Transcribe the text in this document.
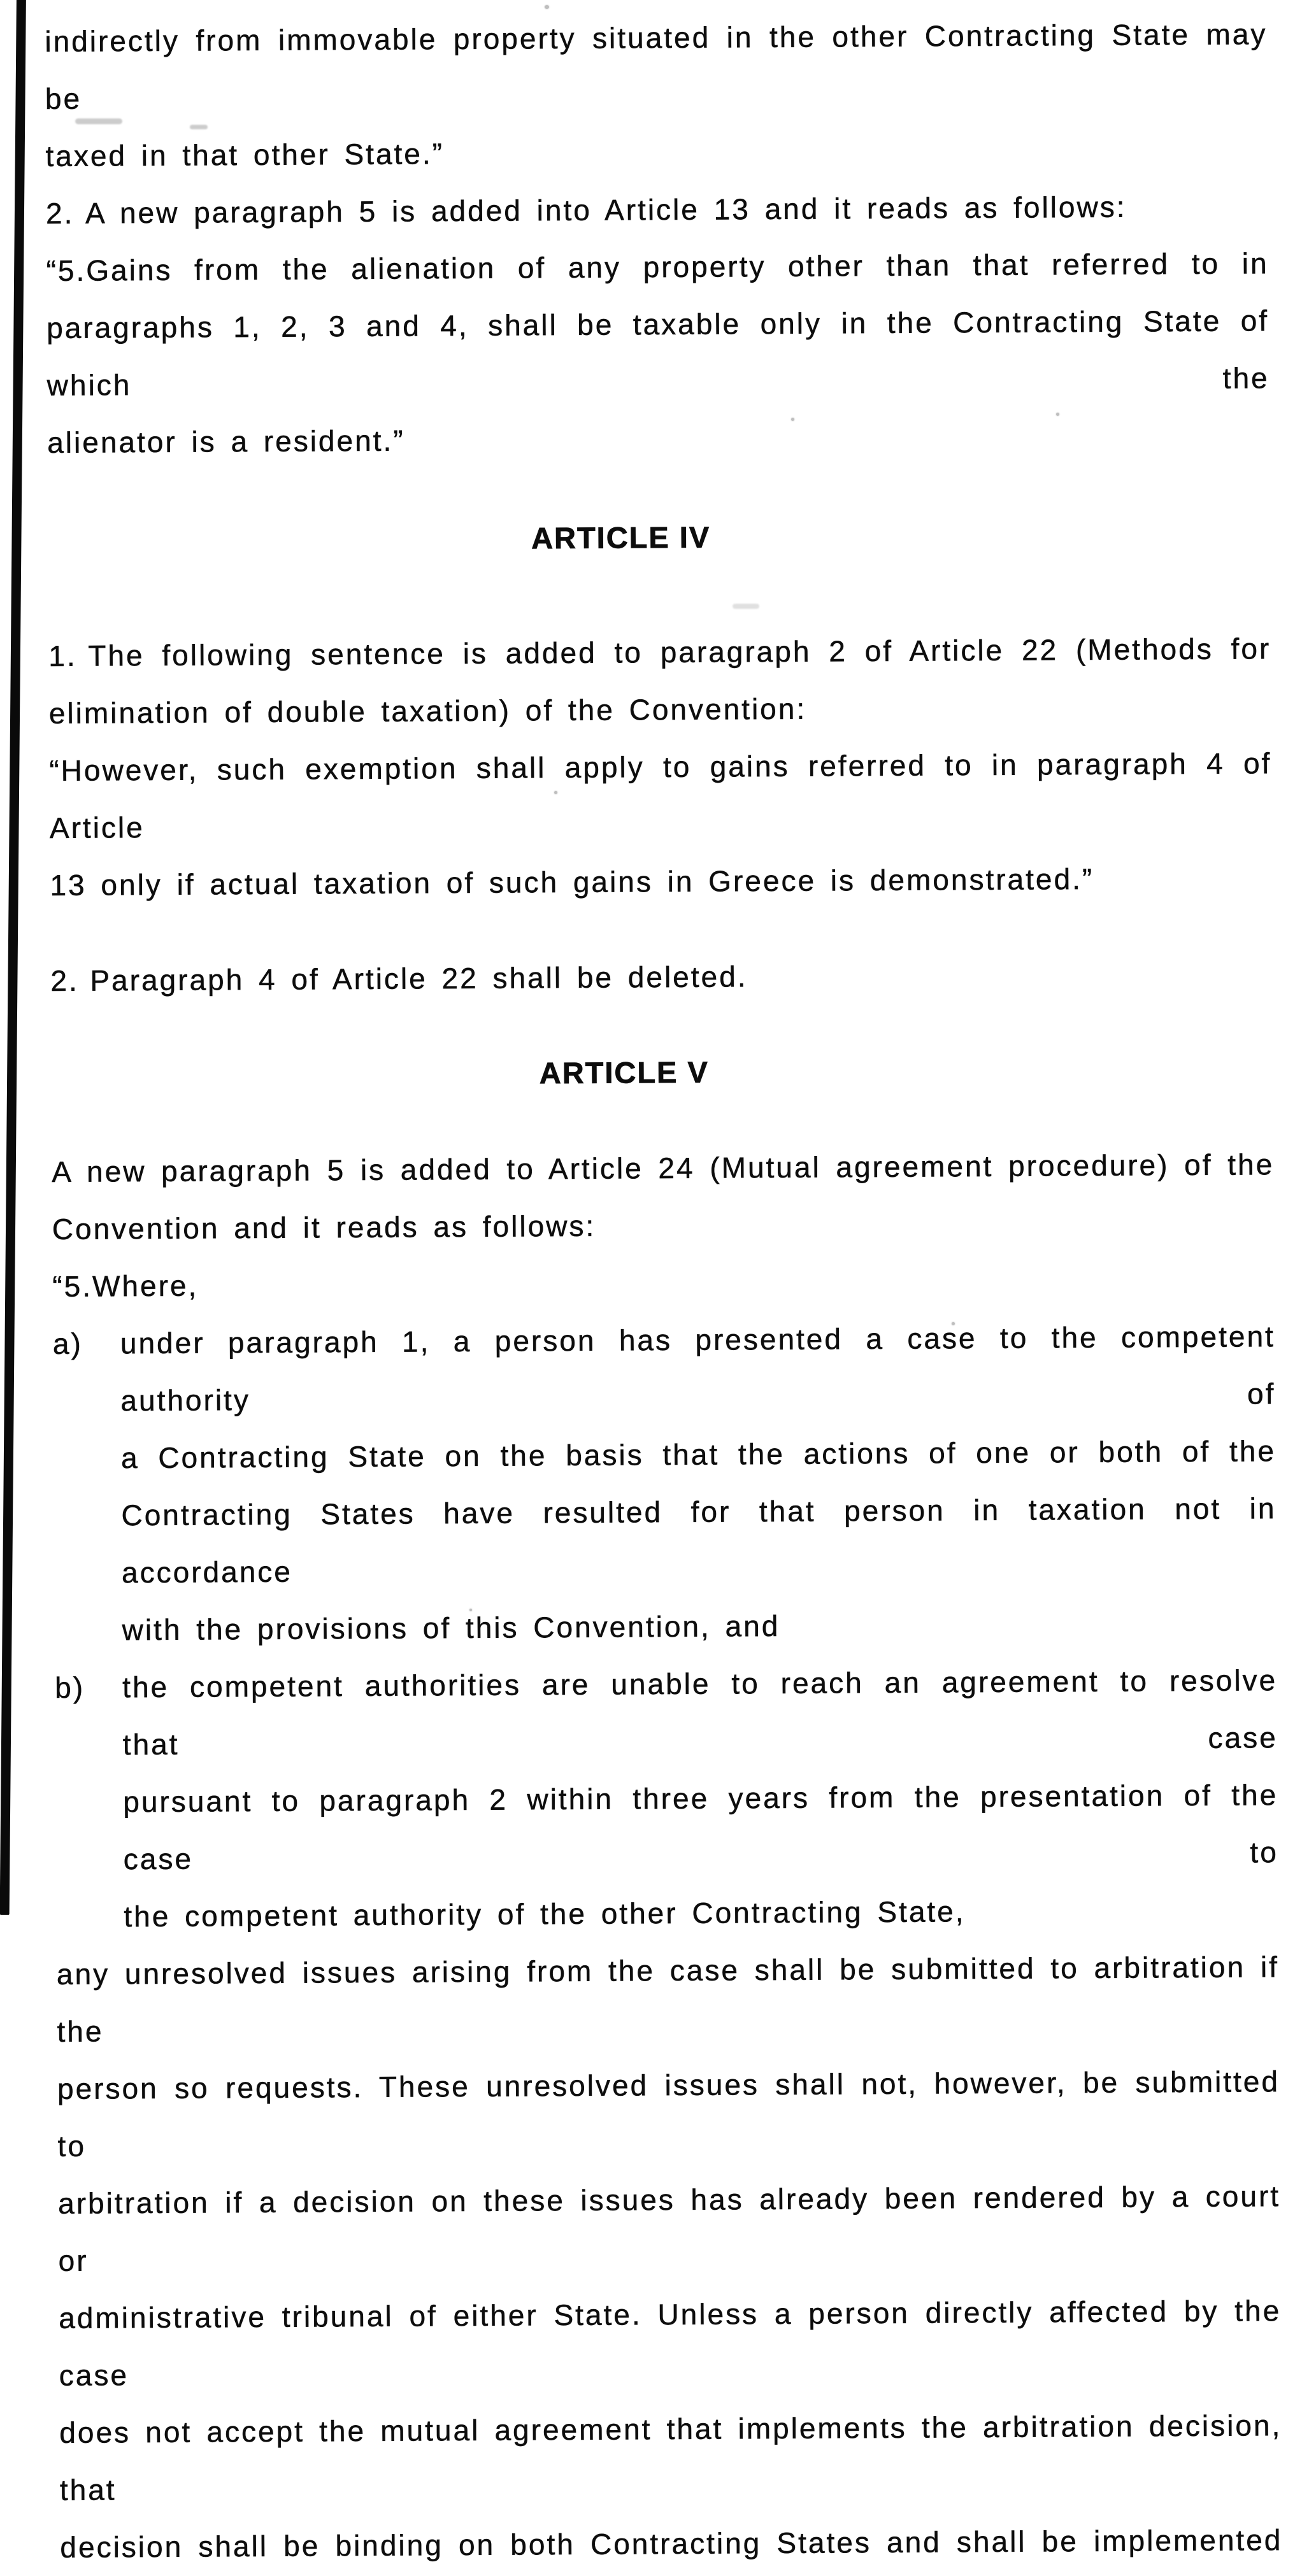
indirectly from immovable property situated in the other Contracting State may be
taxed in that other State.”
2. A new paragraph 5 is added into Article 13 and it reads as follows:
“5. Gains from the alienation of any property other than that referred to in
paragraphs 1, 2, 3 and 4, shall be taxable only in the Contracting State of which the
alienator is a resident.”
ARTICLE IV
1. The following sentence is added to paragraph 2 of Article 22 (Methods for
elimination of double taxation) of the Convention:
“However, such exemption shall apply to gains referred to in paragraph 4 of Article
13 only if actual taxation of such gains in Greece is demonstrated.”
2. Paragraph 4 of Article 22 shall be deleted.
ARTICLE V
A new paragraph 5 is added to Article 24 (Mutual agreement procedure) of the
Convention and it reads as follows:
“5. Where,
a)	under paragraph 1, a person has presented a case to the competent authority of
a Contracting State on the basis that the actions of one or both of the
Contracting States have resulted for that person in taxation not in accordance
with the provisions of this Convention, and
b)	the competent authorities are unable to reach an agreement to resolve that case
pursuant to paragraph 2 within three years from the presentation of the case to
the competent authority of the other Contracting State,
any unresolved issues arising from the case shall be submitted to arbitration if the
person so requests. These unresolved issues shall not, however, be submitted to
arbitration if a decision on these issues has already been rendered by a court or
administrative tribunal of either State. Unless a person directly affected by the case
does not accept the mutual agreement that implements the arbitration decision, that
decision shall be binding on both Contracting States and shall be implemented
